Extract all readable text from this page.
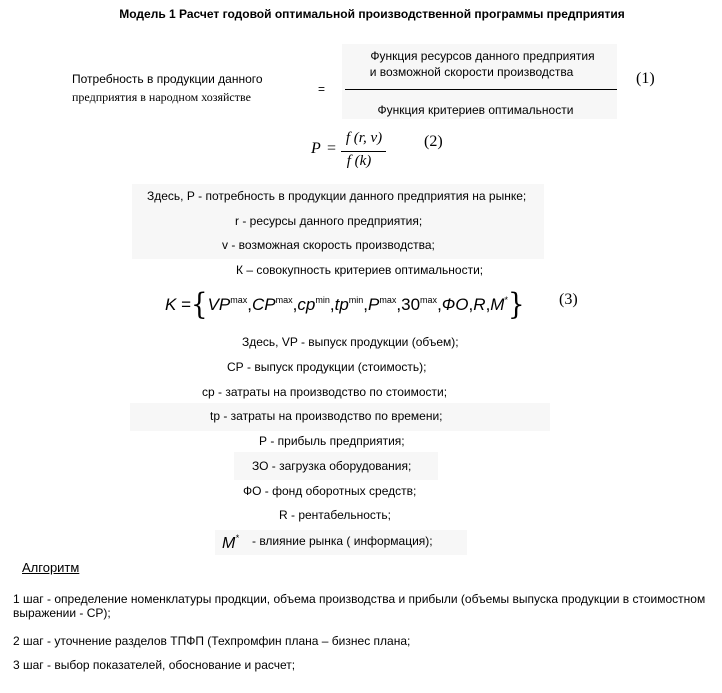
Модель 1 Расчет годовой оптимальной производственной программы предприятия
Потребность в продукции данного
предприятия в народном хозяйстве
=
Функция ресурсов данного предприятия
и возможной скорости производства
Функция критериев оптимальности
(1)
P =
f (r, v)
f (k)
(2)
Здесь, Р - потребность в продукции данного предприятия на рынке;
r - ресурсы данного предприятия;
v - возможная скорость производства;
К – совокупность критериев оптимальности;
$K =\{VP^{max},CP^{max},cp^{min},tp^{min},P^{max},30^{max},ФO,R,M^*\}$ (3)
Здесь, VP - выпуск продукции (объем);
СР - выпуск продукции (стоимость);
ср - затраты на производство по стоимости;
tp - затраты на производство по времени;
Р - прибыль предприятия;
ЗО - загрузка оборудования;
ФО - фонд оборотных средств;
R - рентабельность;
M* - влияние рынка ( информация);
Алгоритм
1 шаг - определение номенклатуры продкции, объема производства и прибыли (объемы выпуска продукции в стоимостном
выражении - СР);
2 шаг - уточнение разделов ТПФП (Техпромфин плана – бизнес плана;
3 шаг - выбор показателей, обоснование и расчет;
